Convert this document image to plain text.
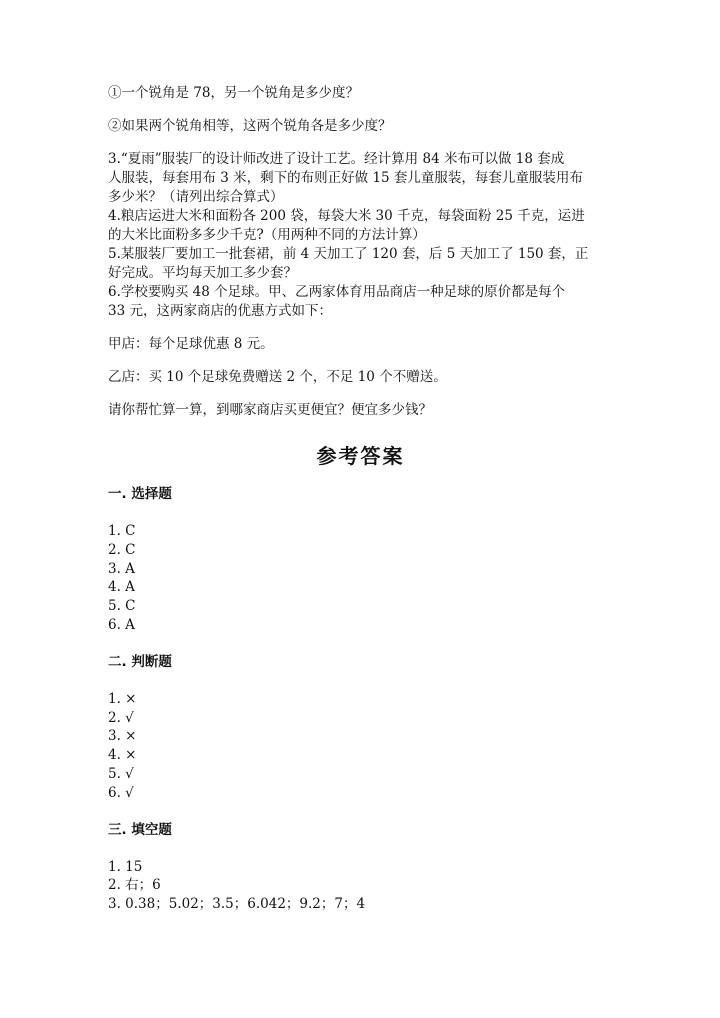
①一个锐角是 78，另一个锐角是多少度？
②如果两个锐角相等，这两个锐角各是多少度？
3.“夏雨”服装厂的设计师改进了设计工艺。经计算用 84 米布可以做 18 套成
人服装，每套用布 3 米，剩下的布则正好做 15 套儿童服装，每套儿童服装用布
多少米？（请列出综合算式）
4.粮店运进大米和面粉各 200 袋，每袋大米 30 千克，每袋面粉 25 千克，运进
的大米比面粉多多少千克?（用两种不同的方法计算）
5.某服装厂要加工一批套裙，前 4 天加工了 120 套，后 5 天加工了 150 套，正
好完成。平均每天加工多少套？
6.学校要购买 48 个足球。甲、乙两家体育用品商店一种足球的原价都是每个
33 元，这两家商店的优惠方式如下：
甲店：每个足球优惠 8 元。
乙店：买 10 个足球免费赠送 2 个，不足 10 个不赠送。
请你帮忙算一算，到哪家商店买更便宜？便宜多少钱？
参考答案
一. 选择题
1. C
2. C
3. A
4. A
5. C
6. A
二. 判断题
1. ×
2. √
3. ×
4. ×
5. √
6. √
三. 填空题
1. 15
2. 右；6
3. 0.38；5.02；3.5；6.042；9.2；7；4
